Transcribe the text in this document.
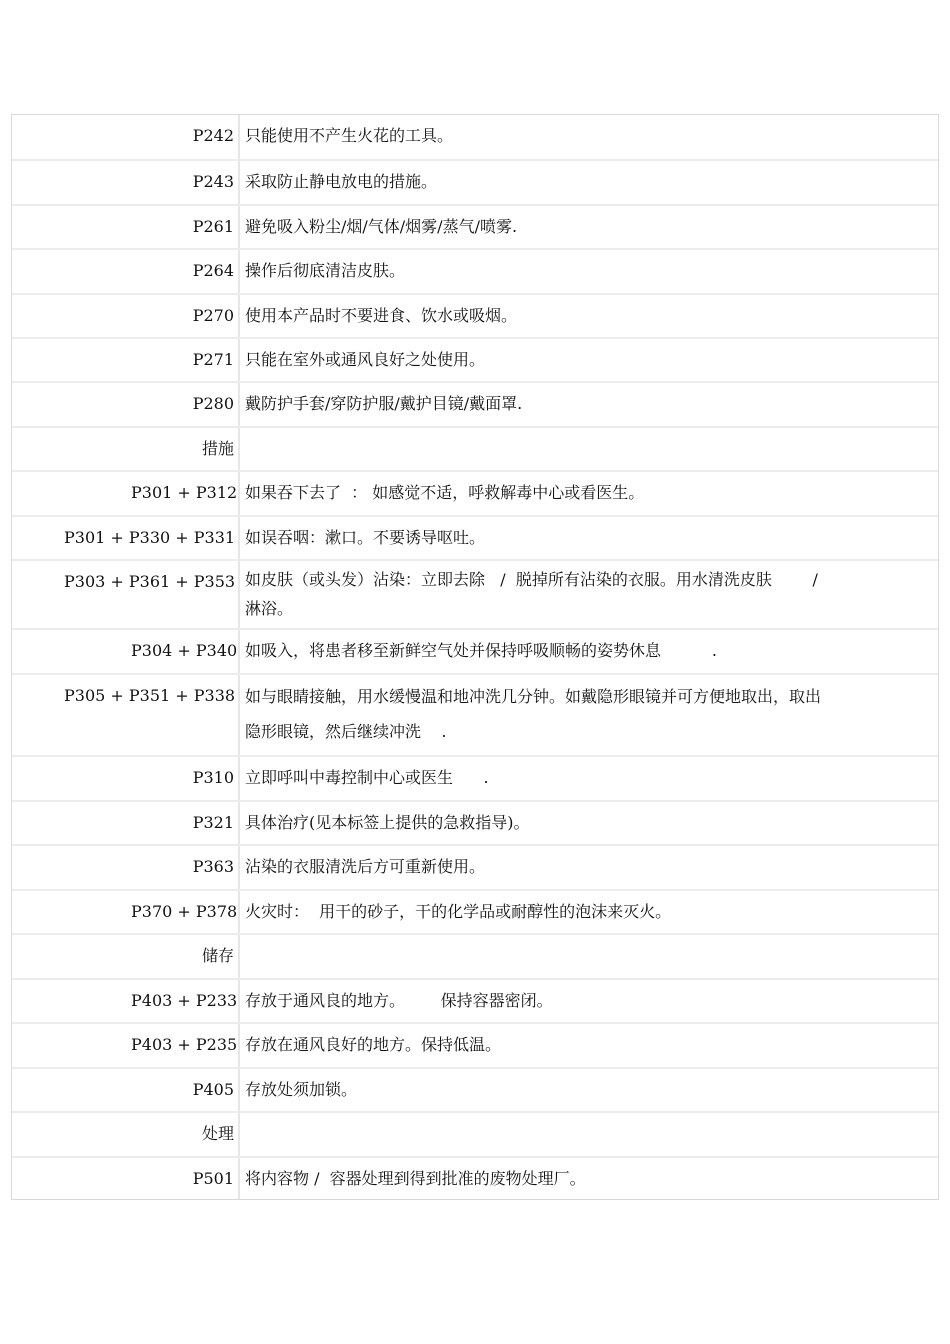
P242 只能使用不产生火花的工具。
P243 采取防止静电放电的措施。
P261 避免吸入粉尘/烟/气体/烟雾/蒸气/喷雾.
P264 操作后彻底清洁皮肤。
P270 使用本产品时不要进食、饮水或吸烟。
P271 只能在室外或通风良好之处使用。
P280 戴防护手套/穿防护服/戴护目镜/戴面罩.
措施
P301 + P312 如果吞下去了  ： 如感觉不适，呼救解毒中心或看医生。
P301 + P330 + P331 如误吞咽：漱口。不要诱导呕吐。
P303 + P361 + P353 如皮肤（或头发）沾染：立即去除   /  脱掉所有沾染的衣服。用水清洗皮肤        /
淋浴。
P304 + P340 如吸入，将患者移至新鲜空气处并保持呼吸顺畅的姿势休息          .
P305 + P351 + P338 如与眼睛接触，用水缓慢温和地冲洗几分钟。如戴隐形眼镜并可方便地取出，取出
隐形眼镜，然后继续冲洗    .
P310 立即呼叫中毒控制中心或医生      .
P321 具体治疗(见本标签上提供的急救指导)。
P363 沾染的衣服清洗后方可重新使用。
P370 + P378 火灾时：  用干的砂子，干的化学品或耐醇性的泡沫来灭火。
储存
P403 + P233 存放于通风良的地方。       保持容器密闭。
P403 + P235 存放在通风良好的地方。保持低温。
P405 存放处须加锁。
处理
P501 将内容物 /  容器处理到得到批准的废物处理厂。
